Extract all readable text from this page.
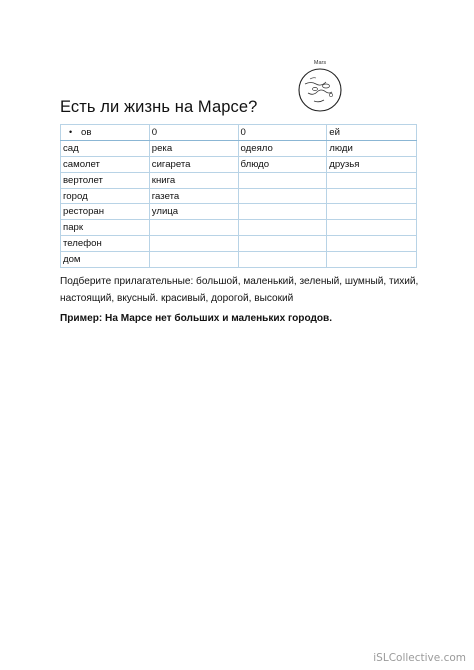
Mars
Есть ли жизнь на Марсе?
• ов	0	0	ей
сад	река	одеяло	люди
самолет	сигарета	блюдо	друзья
вертолет	книга		
город	газета		
ресторан	улица		
парк			
телефон			
дом			
Подберите прилагательные: большой, маленький, зеленый, шумный, тихий, настоящий, вкусный. красивый, дорогой, высокий
Пример: На Марсе нет больших и маленьких городов.
iSLCollective.com
